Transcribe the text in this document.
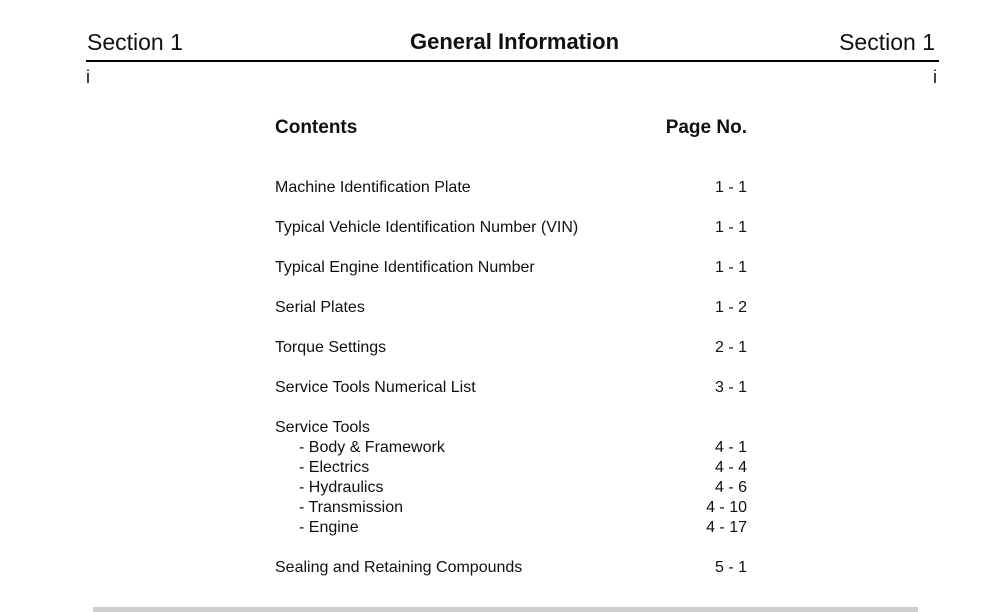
Section 1	General Information	Section 1
i	i
Contents	Page No.
Machine Identification Plate	1 - 1
Typical Vehicle Identification Number (VIN)	1 - 1
Typical Engine Identification Number	1 - 1
Serial Plates	1 - 2
Torque Settings	2 - 1
Service Tools Numerical List	3 - 1
Service Tools
- Body & Framework	4 - 1
- Electrics	4 - 4
- Hydraulics	4 - 6
- Transmission	4 - 10
- Engine	4 - 17
Sealing and Retaining Compounds	5 - 1
